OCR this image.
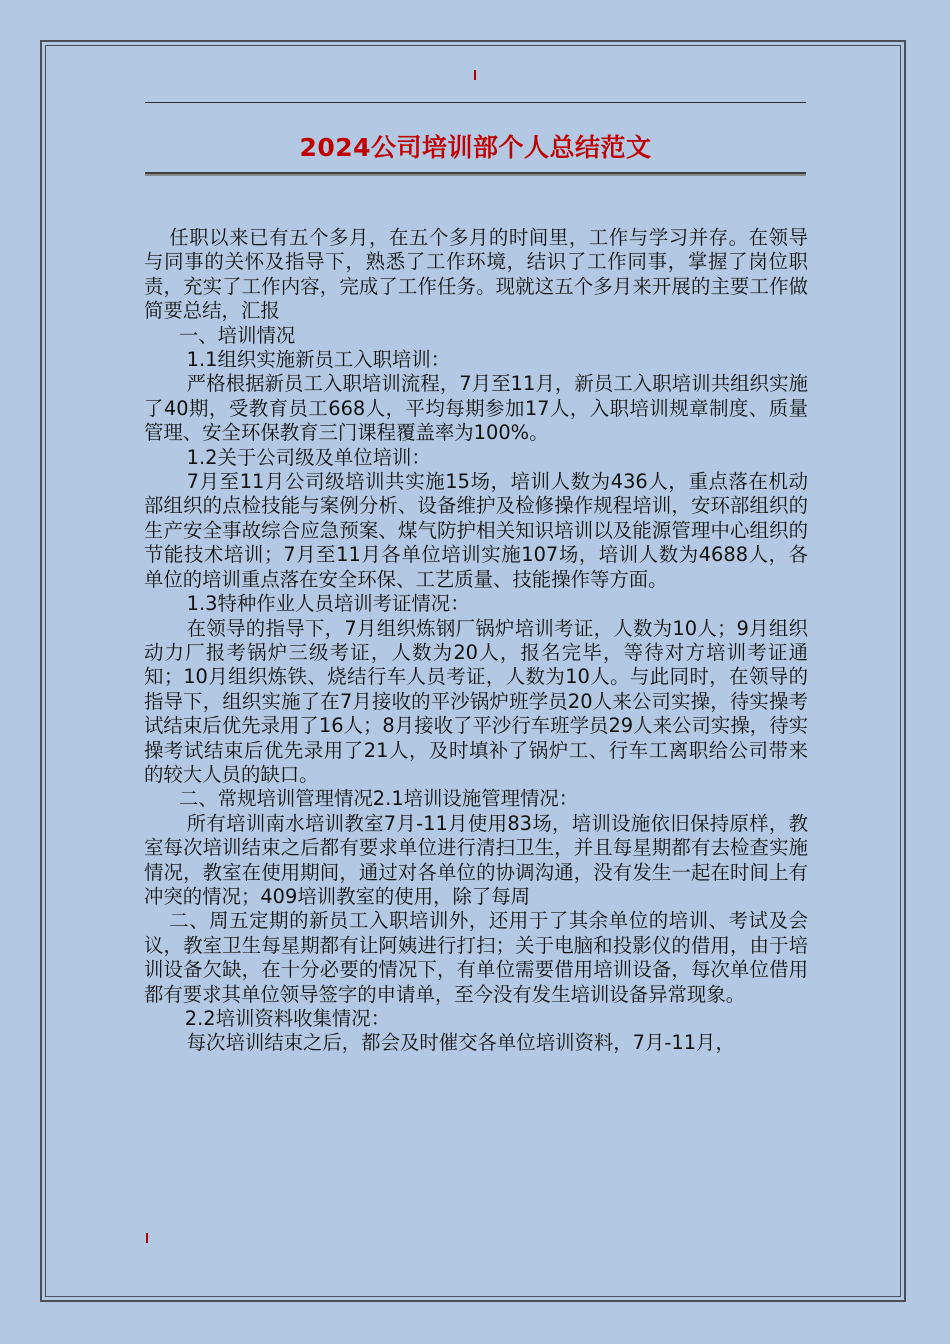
2024公司培训部个人总结范文

任职以来已有五个多月，在五个多月的时间里，工作与学习并存。在领导与同事的关怀及指导下，熟悉了工作环境，结识了工作同事，掌握了岗位职责，充实了工作内容，完成了工作任务。现就这五个多月来开展的主要工作做简要总结，汇报

一、培训情况

1.1组织实施新员工入职培训：

严格根据新员工入职培训流程，7月至11月，新员工入职培训共组织实施了40期，受教育员工668人，平均每期参加17人，入职培训规章制度、质量管理、安全环保教育三门课程覆盖率为100%。

1.2关于公司级及单位培训：

7月至11月公司级培训共实施15场，培训人数为436人，重点落在机动部组织的点检技能与案例分析、设备维护及检修操作规程培训，安环部组织的生产安全事故综合应急预案、煤气防护相关知识培训以及能源管理中心组织的节能技术培训；7月至11月各单位培训实施107场，培训人数为4688人，各单位的培训重点落在安全环保、工艺质量、技能操作等方面。

1.3特种作业人员培训考证情况：

在领导的指导下，7月组织炼钢厂锅炉培训考证，人数为10人；9月组织动力厂报考锅炉三级考证，人数为20人，报名完毕，等待对方培训考证通知；10月组织炼铁、烧结行车人员考证，人数为10人。与此同时，在领导的指导下，组织实施了在7月接收的平沙锅炉班学员20人来公司实操，待实操考试结束后优先录用了16人；8月接收了平沙行车班学员29人来公司实操，待实操考试结束后优先录用了21人，及时填补了锅炉工、行车工离职给公司带来的较大人员的缺口。

二、常规培训管理情况2.1培训设施管理情况：

所有培训南水培训教室7月-11月使用83场，培训设施依旧保持原样，教室每次培训结束之后都有要求单位进行清扫卫生，并且每星期都有去检查实施情况，教室在使用期间，通过对各单位的协调沟通，没有发生一起在时间上有冲突的情况；409培训教室的使用，除了每周

二、周五定期的新员工入职培训外，还用于了其余单位的培训、考试及会议，教室卫生每星期都有让阿姨进行打扫；关于电脑和投影仪的借用，由于培训设备欠缺，在十分必要的情况下，有单位需要借用培训设备，每次单位借用都有要求其单位领导签字的申请单，至今没有发生培训设备异常现象。

2.2培训资料收集情况：

每次培训结束之后，都会及时催交各单位培训资料，7月-11月，
